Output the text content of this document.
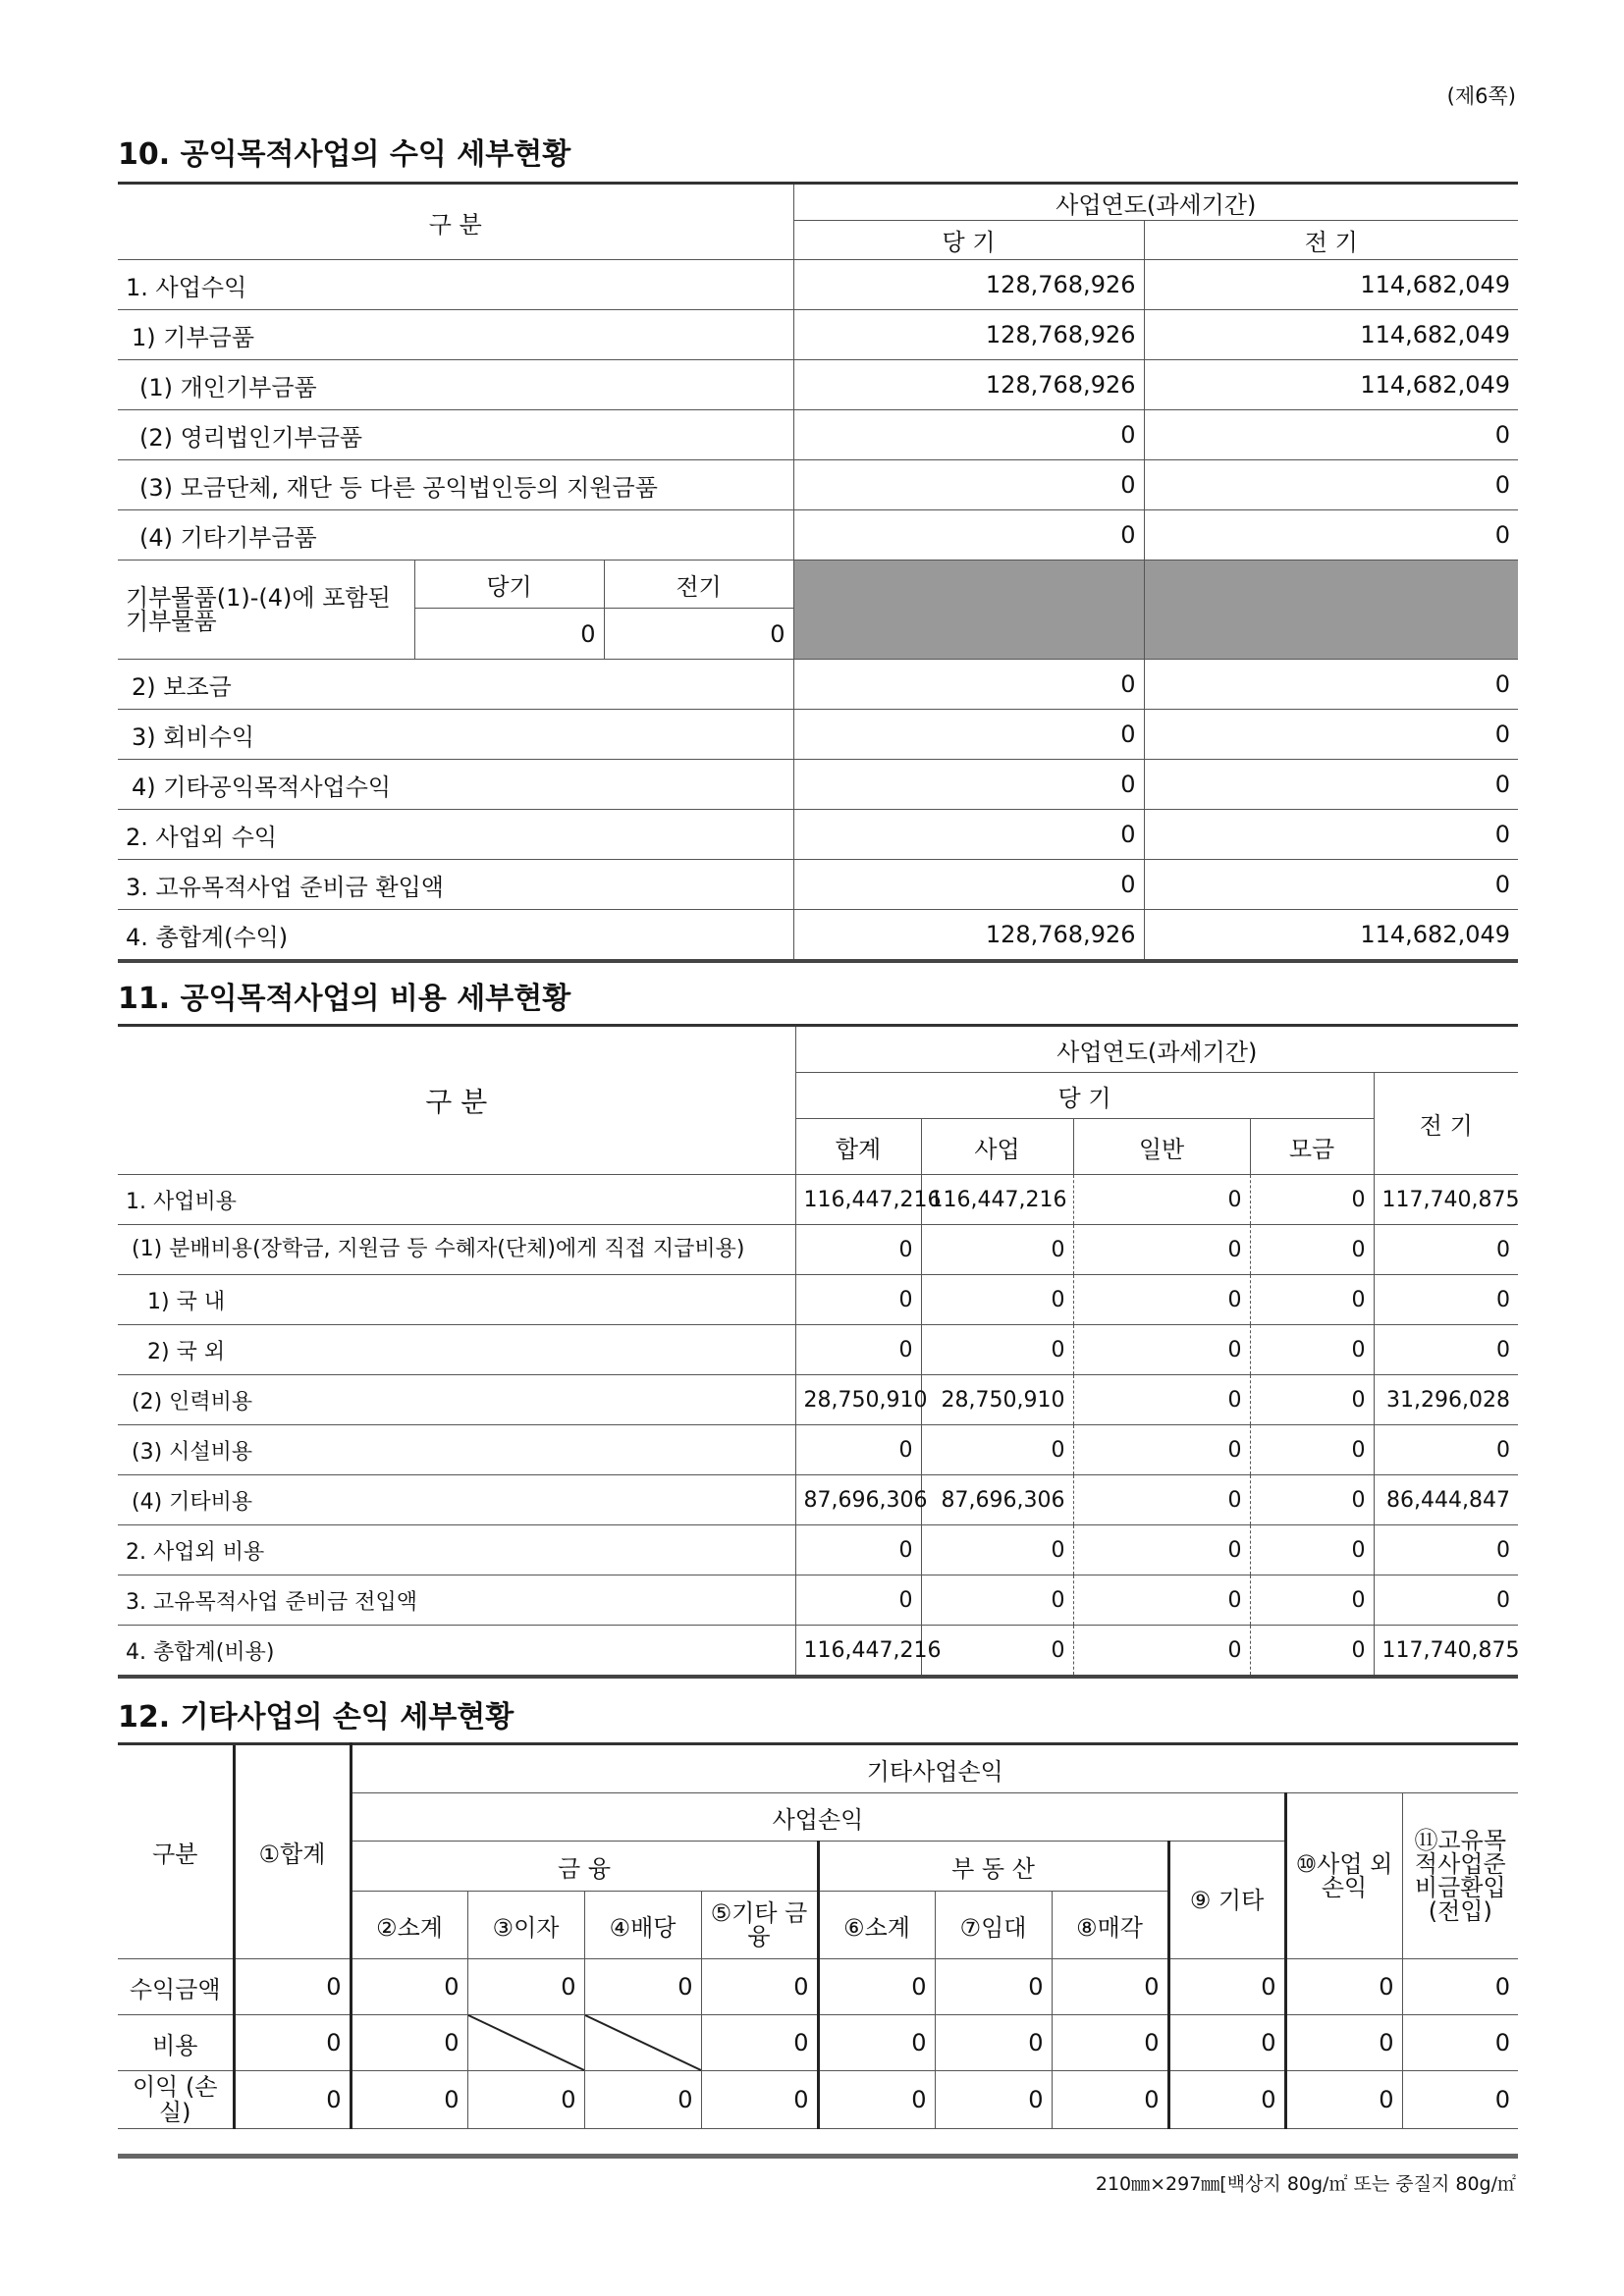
(제6쪽)
10. 공익목적사업의 수익 세부현황
구 분			사업연도(과세기간)	
			당 기	전 기
1. 사업수익			128,768,926	114,682,049
1) 기부금품			128,768,926	114,682,049
(1) 개인기부금품			128,768,926	114,682,049
(2) 영리법인기부금품			0	0
(3) 모금단체, 재단 등 다른 공익법인등의 지원금품			0	0
(4) 기타기부금품			0	0
기부물품(1)-(4)에 포함된 기부물품	당기	전기		
	0	0		
2) 보조금			0	0
3) 회비수익			0	0
4) 기타공익목적사업수익			0	0
2. 사업외 수익			0	0
3. 고유목적사업 준비금 환입액			0	0
4. 총합계(수익)			128,768,926	114,682,049
11. 공익목적사업의 비용 세부현황
구 분	사업연도(과세기간)				
	당 기				전 기
	합계	사업	일반	모금	
1. 사업비용	116,447,216	116,447,216	0	0	117,740,875
(1) 분배비용(장학금, 지원금 등 수혜자(단체)에게 직접 지급비용)	0	0	0	0	0
1) 국 내	0	0	0	0	0
2) 국 외	0	0	0	0	0
(2) 인력비용	28,750,910	28,750,910	0	0	31,296,028
(3) 시설비용	0	0	0	0	0
(4) 기타비용	87,696,306	87,696,306	0	0	86,444,847
2. 사업외 비용	0	0	0	0	0
3. 고유목적사업 준비금 전입액	0	0	0	0	0
4. 총합계(비용)	116,447,216	0	0	0	117,740,875
12. 기타사업의 손익 세부현황
구분	①합계	기타사업손익									
		사업손익								⑩사업 외손익	⑪고유목적사업준비금환입(전입)
		금 융				부 동 산			⑨ 기타		
		②소계	③이자	④배당	⑤기타 금융	⑥소계	⑦임대	⑧매각			
수익금액	0	0	0	0	0	0	0	0	0	0	0
비용	0	0			0	0	0	0	0	0	0
이익 (손실)	0	0	0	0	0	0	0	0	0	0	0
210㎜×297㎜[백상지 80g/㎡ 또는 중질지 80g/㎡
